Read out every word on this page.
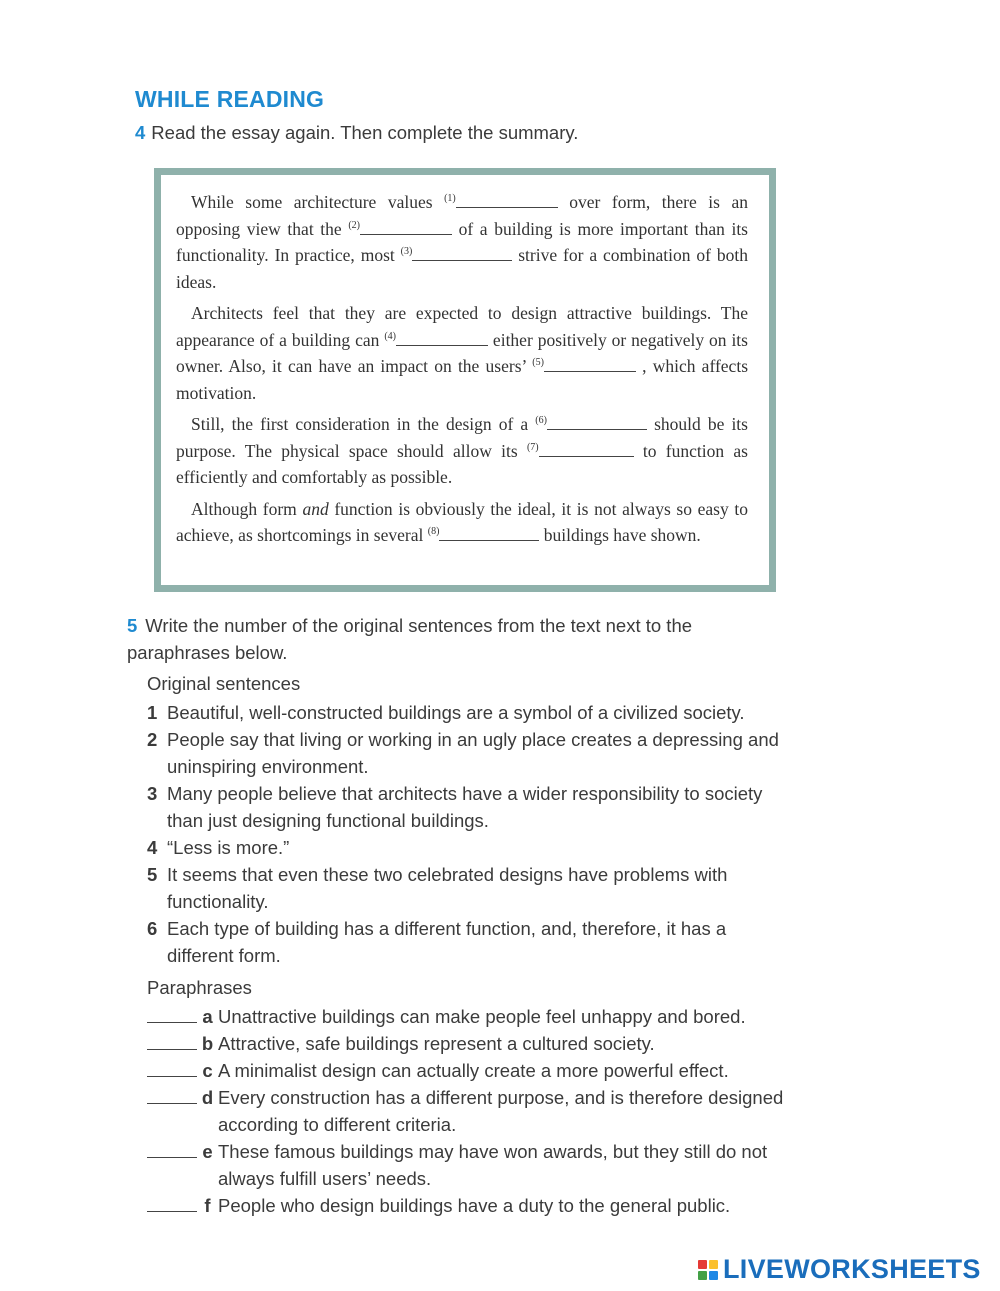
WHILE READING
4 Read the essay again. Then complete the summary.

While some architecture values $^{(1)}$	over form, there is an opposing view that the $^{(2)}$	of a building is more important than its functionality. In practice, most $^{(3)}$	strive for a combination of both ideas.

Architects feel that they are expected to design attractive buildings. The appearance of a building can $^{(4)}$	either positively or negatively on its owner. Also, it can have an impact on the users’ $^{(5)}$	, which affects motivation.

Still, the first consideration in the design of a $^{(6)}$	should be its purpose. The physical space should allow its $^{(7)}$	to function as efficiently and comfortably as possible.

Although form and function is obviously the ideal, it is not always so easy to achieve, as shortcomings in several $^{(8)}$	buildings have shown.

5 Write the number of the original sentences from the text next to the paraphrases below.
Original sentences
1 Beautiful, well-constructed buildings are a symbol of a civilized society.
2 People say that living or working in an ugly place creates a depressing and uninspiring environment.
3 Many people believe that architects have a wider responsibility to society than just designing functional buildings.
4 “Less is more.”
5 It seems that even these two celebrated designs have problems with functionality.
6 Each type of building has a different function, and, therefore, it has a different form.
Paraphrases
a Unattractive buildings can make people feel unhappy and bored.
b Attractive, safe buildings represent a cultured society.
c A minimalist design can actually create a more powerful effect.
d Every construction has a different purpose, and is therefore designed according to different criteria.
e These famous buildings may have won awards, but they still do not always fulfill users’ needs.
f People who design buildings have a duty to the general public.
LIVEWORKSHEETS
